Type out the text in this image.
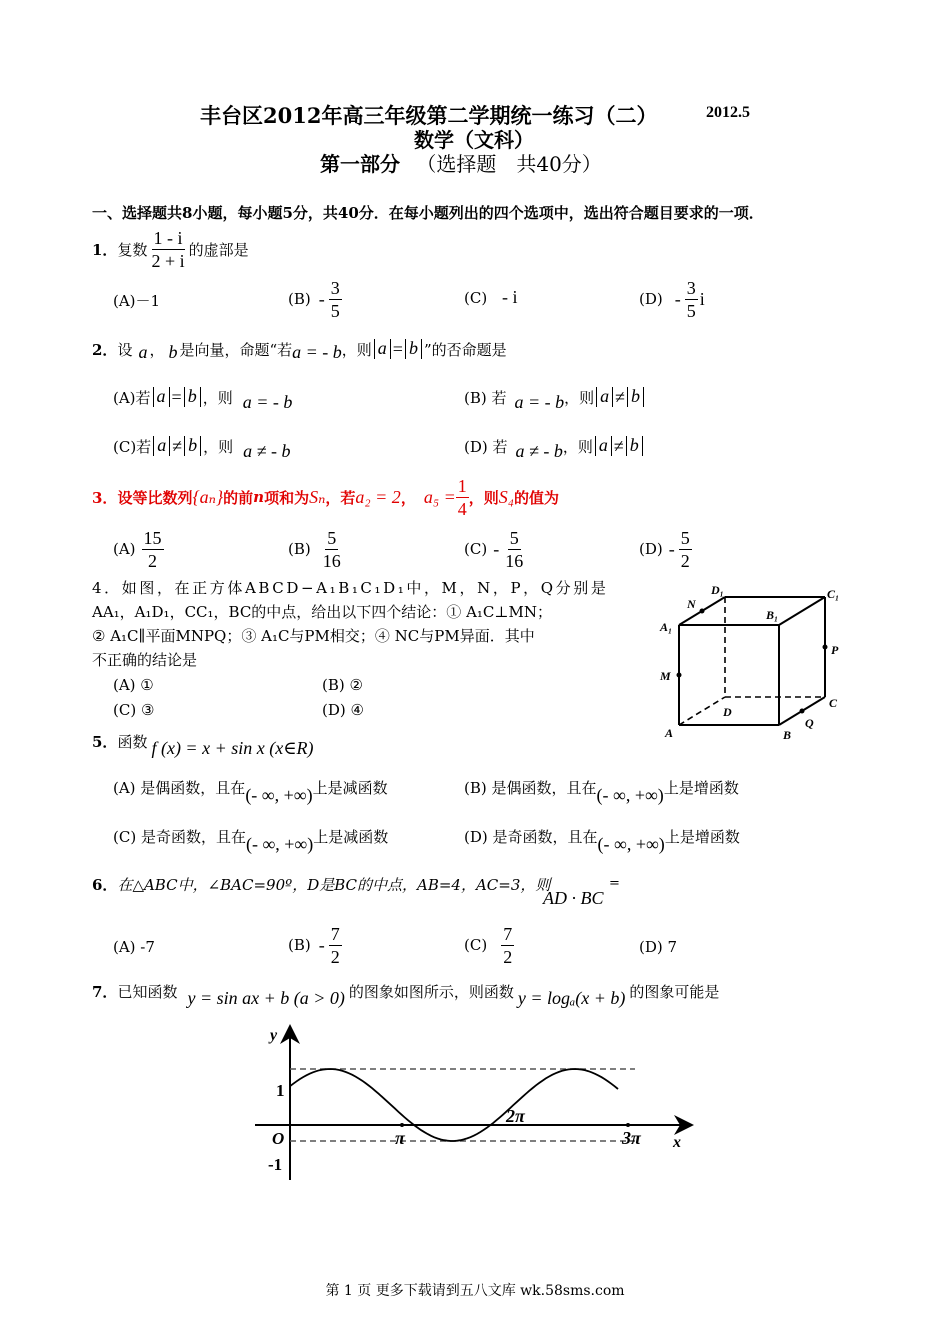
丰台区2012年高三年级第二学期统一练习（二）	2012.5
数学（文科）
第一部分 （选择题　共40分）
一、选择题共8小题，每小题5分，共40分．在每小题列出的四个选项中，选出符合题目要求的一项．
1． 复数 $\frac{1 - i}{2 + i}$ 的虚部是
(A)－1	$(B) - \frac{3}{5}$	(C) - i	$(D) - \frac{3}{5}$ i
2． 设 a ， b 是向量，命题“若 a = - b ，则 a = b ”的否命题是
(A)若 a = b ，则 a = - b	(B) 若 a = - b ，则 a ≠ b
(C)若 a ≠ b ，则 a ≠ - b	(D) 若 a ≠ - b ，则 a ≠ b
3． 设等比数列 {aₙ} 的前 n 项和为 Sₙ ，若 a₂ = 2 ， $a_5 = \frac{1}{4}$ ，则 S₄ 的值为
$(A) \frac{15}{2}$	$(B) \frac{5}{16}$	$(C) - \frac{5}{16}$	$(D) - \frac{5}{2}$
4．如图，在正方体ABCD−A₁B₁C₁D₁中，M，N，P，Q分别是
AA₁，A₁D₁，CC₁，BC的中点，给出以下四个结论：① A₁C⊥MN；
② A₁C∥平面MNPQ；③ A₁C与PM相交；④ NC与PM异面．其中
不正确的结论是
(A) ①	(B) ②
(C) ③	(D) ④
D₁	C₁
N
B₁
A₁
P
M
C
D
Q
A	B
5． 函数 f (x) = x + sin x (x∈R)
(A) 是偶函数，且在 (- ∞, +∞) 上是减函数	(B) 是偶函数，且在 (- ∞, +∞) 上是增函数
(C) 是奇函数，且在 (- ∞, +∞) 上是减函数	(D) 是奇函数，且在 (- ∞, +∞) 上是增函数
6．在△ABC中，∠BAC=90º，D是BC的中点，AB=4，AC=3，则
AD · BC
=
(A) -7	$(B) - \frac{7}{2}$	$(C) \frac{7}{2}$	(D) 7
7． 已知函数 y = sin ax + b (a > 0) 的图象如图所示，则函数 y = logₐ(x + b) 的图象可能是
y
x
1
-1
O	π
2π
3π
第 1 页 更多下载请到五八文库 wk.58sms.com
